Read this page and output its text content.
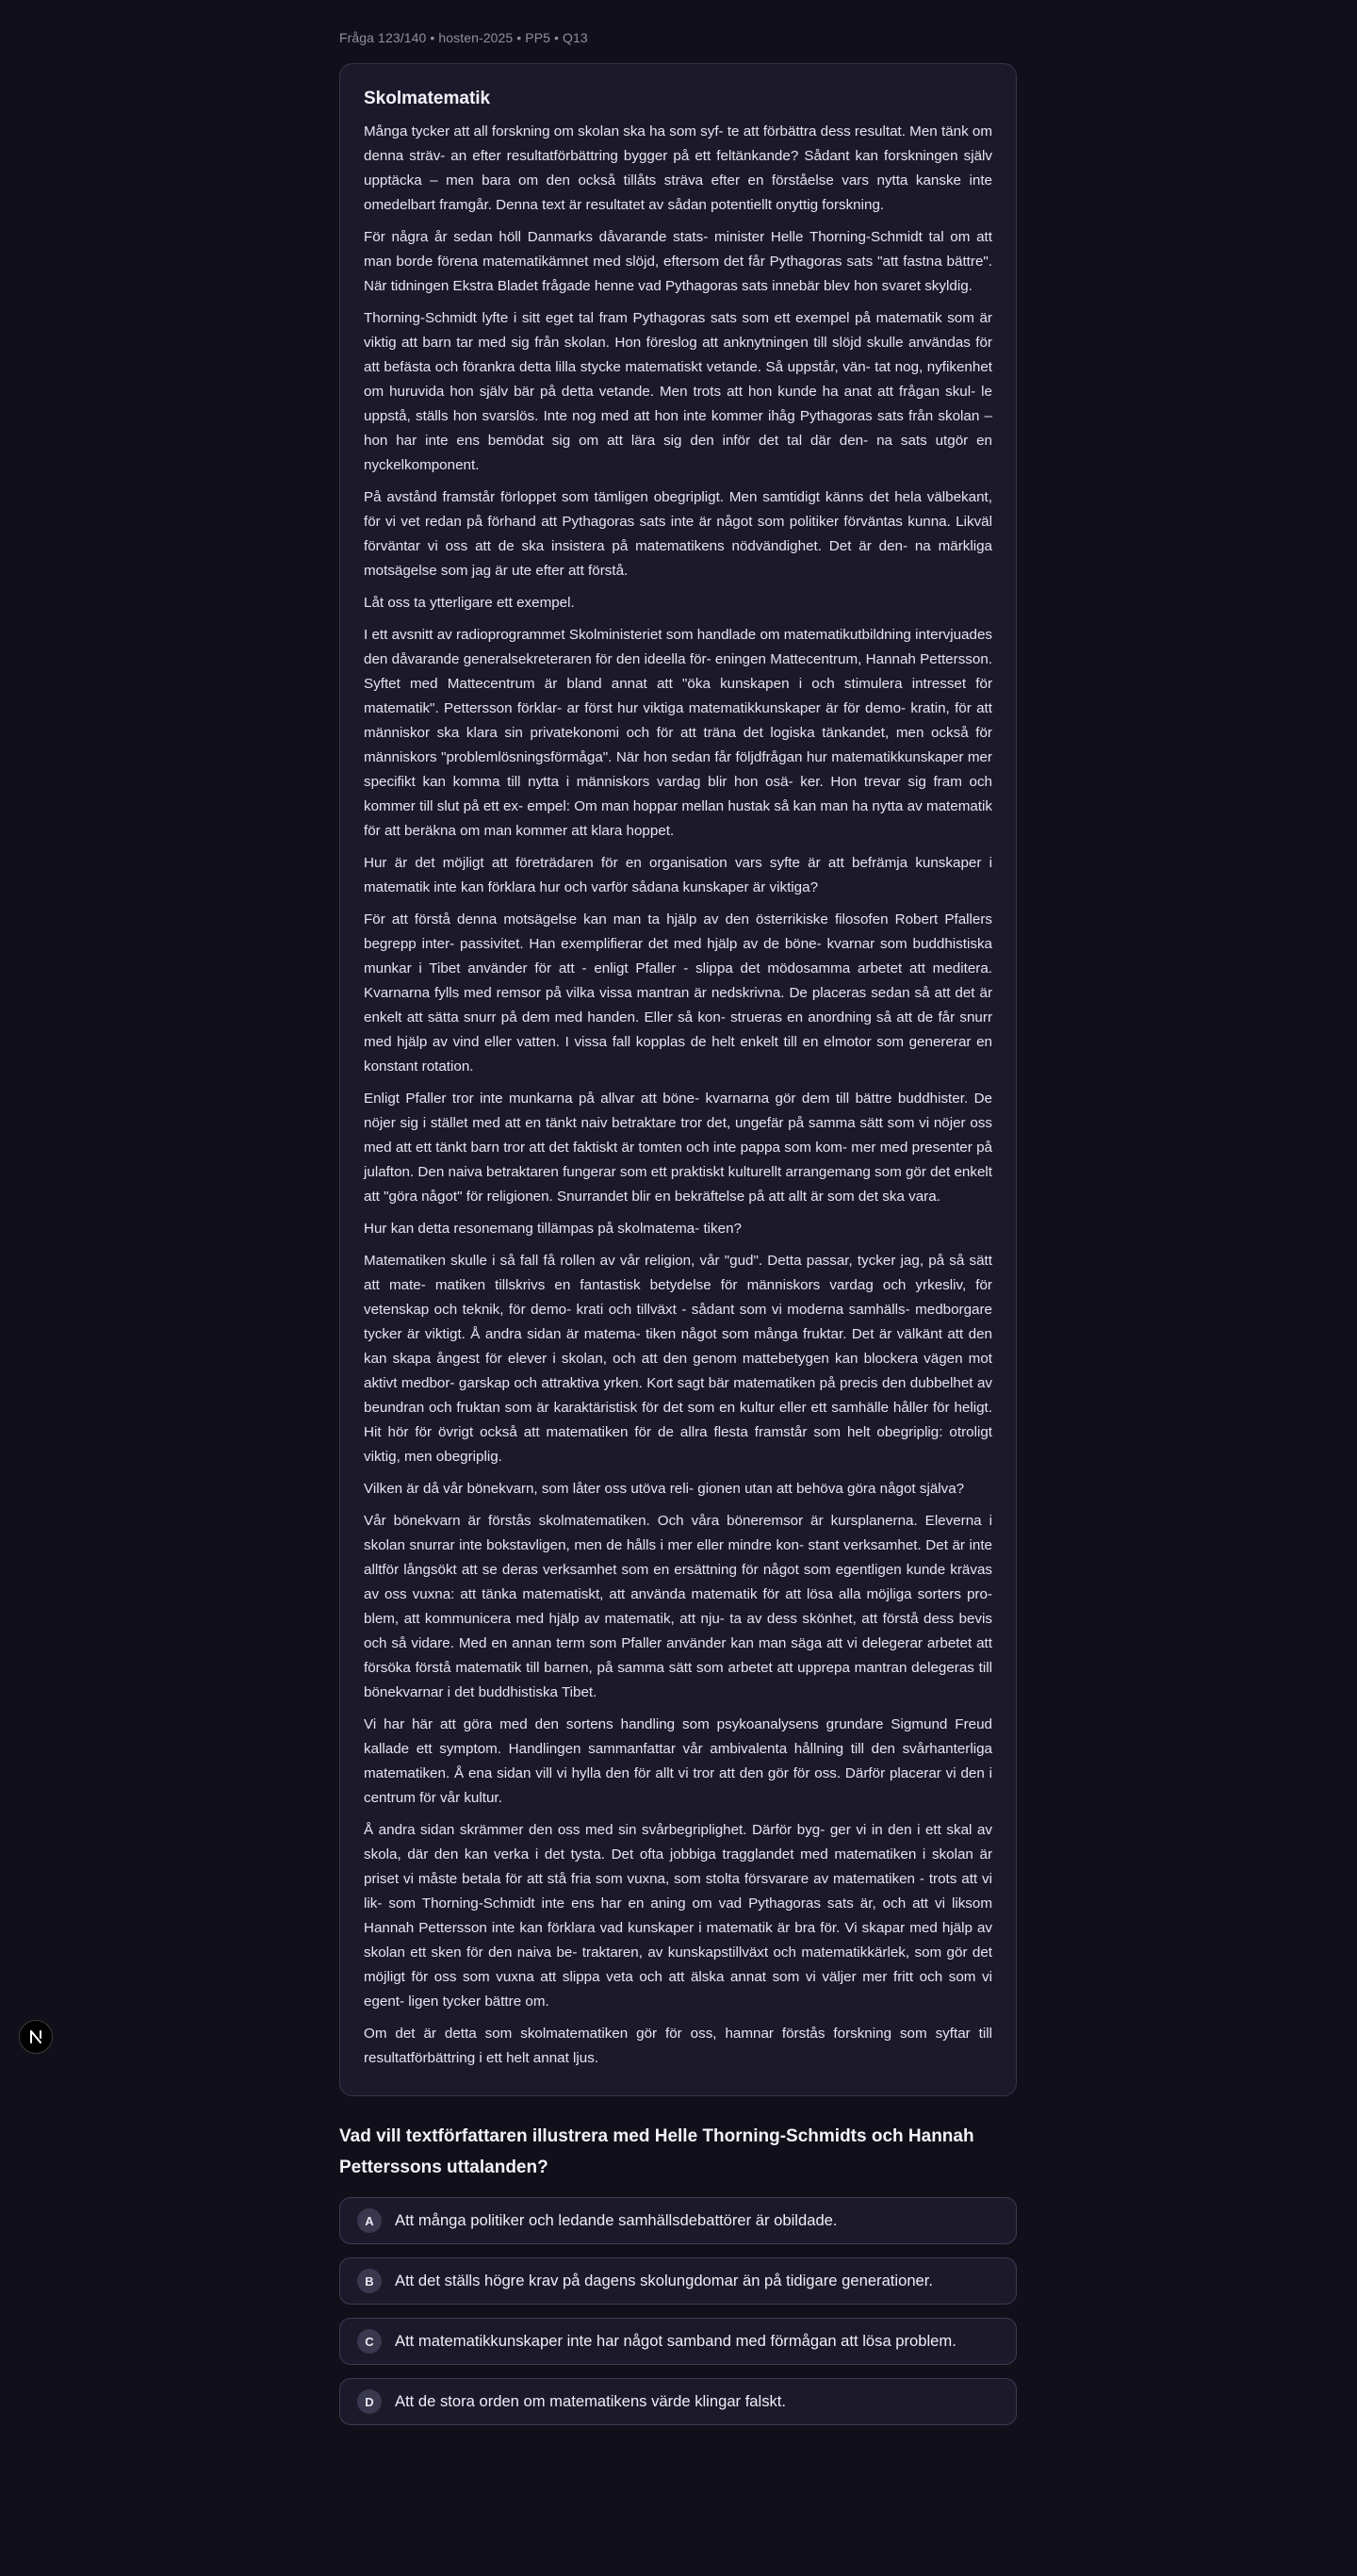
Fråga 123/140 • hosten-2025 • PP5 • Q13
Skolmatematik

Många tycker att all forskning om skolan ska ha som syf- te att förbättra dess resultat. Men tänk om denna sträv- an efter resultatförbättring bygger på ett feltänkande? Sådant kan forskningen själv upptäcka – men bara om den också tillåts sträva efter en förståelse vars nytta kanske inte omedelbart framgår. Denna text är resultatet av sådan potentiellt onyttig forskning.

För några år sedan höll Danmarks dåvarande stats- minister Helle Thorning-Schmidt tal om att man borde förena matematikämnet med slöjd, eftersom det får Pythagoras sats "att fastna bättre". När tidningen Ekstra Bladet frågade henne vad Pythagoras sats innebär blev hon svaret skyldig.

Thorning-Schmidt lyfte i sitt eget tal fram Pythagoras sats som ett exempel på matematik som är viktig att barn tar med sig från skolan. Hon föreslog att anknytningen till slöjd skulle användas för att befästa och förankra detta lilla stycke matematiskt vetande. Så uppstår, vän- tat nog, nyfikenhet om huruvida hon själv bär på detta vetande. Men trots att hon kunde ha anat att frågan skul- le uppstå, ställs hon svarslös. Inte nog med att hon inte kommer ihåg Pythagoras sats från skolan – hon har inte ens bemödat sig om att lära sig den inför det tal där den- na sats utgör en nyckelkomponent.

På avstånd framstår förloppet som tämligen obegripligt. Men samtidigt känns det hela välbekant, för vi vet redan på förhand att Pythagoras sats inte är något som politiker förväntas kunna. Likväl förväntar vi oss att de ska insistera på matematikens nödvändighet. Det är den- na märkliga motsägelse som jag är ute efter att förstå.

Låt oss ta ytterligare ett exempel.

I ett avsnitt av radioprogrammet Skolministeriet som handlade om matematikutbildning intervjuades den dåvarande generalsekreteraren för den ideella för- eningen Mattecentrum, Hannah Pettersson. Syftet med Mattecentrum är bland annat att "öka kunskapen i och stimulera intresset för matematik". Pettersson förklar- ar först hur viktiga matematikkunskaper är för demo- kratin, för att människor ska klara sin privatekonomi och för att träna det logiska tänkandet, men också för människors "problemlösningsförmåga". När hon sedan får följdfrågan hur matematikkunskaper mer specifikt kan komma till nytta i människors vardag blir hon osä- ker. Hon trevar sig fram och kommer till slut på ett ex- empel: Om man hoppar mellan hustak så kan man ha nytta av matematik för att beräkna om man kommer att klara hoppet.

Hur är det möjligt att företrädaren för en organisation vars syfte är att befrämja kunskaper i matematik inte kan förklara hur och varför sådana kunskaper är viktiga?

För att förstå denna motsägelse kan man ta hjälp av den österrikiske filosofen Robert Pfallers begrepp inter- passivitet. Han exemplifierar det med hjälp av de böne- kvarnar som buddhistiska munkar i Tibet använder för att - enligt Pfaller - slippa det mödosamma arbetet att meditera. Kvarnarna fylls med remsor på vilka vissa mantran är nedskrivna. De placeras sedan så att det är enkelt att sätta snurr på dem med handen. Eller så kon- strueras en anordning så att de får snurr med hjälp av vind eller vatten. I vissa fall kopplas de helt enkelt till en elmotor som genererar en konstant rotation.

Enligt Pfaller tror inte munkarna på allvar att böne- kvarnarna gör dem till bättre buddhister. De nöjer sig i stället med att en tänkt naiv betraktare tror det, ungefär på samma sätt som vi nöjer oss med att ett tänkt barn tror att det faktiskt är tomten och inte pappa som kom- mer med presenter på julafton. Den naiva betraktaren fungerar som ett praktiskt kulturellt arrangemang som gör det enkelt att "göra något" för religionen. Snurrandet blir en bekräftelse på att allt är som det ska vara.

Hur kan detta resonemang tillämpas på skolmatema- tiken?

Matematiken skulle i så fall få rollen av vår religion, vår "gud". Detta passar, tycker jag, på så sätt att mate- matiken tillskrivs en fantastisk betydelse för människors vardag och yrkesliv, för vetenskap och teknik, för demo- krati och tillväxt - sådant som vi moderna samhälls- medborgare tycker är viktigt. Å andra sidan är matema- tiken något som många fruktar. Det är välkänt att den kan skapa ångest för elever i skolan, och att den genom mattebetygen kan blockera vägen mot aktivt medbor- garskap och attraktiva yrken. Kort sagt bär matematiken på precis den dubbelhet av beundran och fruktan som är karaktäristisk för det som en kultur eller ett samhälle håller för heligt. Hit hör för övrigt också att matematiken för de allra flesta framstår som helt obegriplig: otroligt viktig, men obegriplig.

Vilken är då vår bönekvarn, som låter oss utöva reli- gionen utan att behöva göra något själva?

Vår bönekvarn är förstås skolmatematiken. Och våra böneremsor är kursplanerna. Eleverna i skolan snurrar inte bokstavligen, men de hålls i mer eller mindre kon- stant verksamhet. Det är inte alltför långsökt att se deras verksamhet som en ersättning för något som egentligen kunde krävas av oss vuxna: att tänka matematiskt, att använda matematik för att lösa alla möjliga sorters pro- blem, att kommunicera med hjälp av matematik, att nju- ta av dess skönhet, att förstå dess bevis och så vidare. Med en annan term som Pfaller använder kan man säga att vi delegerar arbetet att försöka förstå matematik till barnen, på samma sätt som arbetet att upprepa mantran delegeras till bönekvarnar i det buddhistiska Tibet.

Vi har här att göra med den sortens handling som psykoanalysens grundare Sigmund Freud kallade ett symptom. Handlingen sammanfattar vår ambivalenta hållning till den svårhanterliga matematiken. Å ena sidan vill vi hylla den för allt vi tror att den gör för oss. Därför placerar vi den i centrum för vår kultur.

Å andra sidan skrämmer den oss med sin svårbegriplighet. Därför byg- ger vi in den i ett skal av skola, där den kan verka i det tysta. Det ofta jobbiga tragglandet med matematiken i skolan är priset vi måste betala för att stå fria som vuxna, som stolta försvarare av matematiken - trots att vi lik- som Thorning-Schmidt inte ens har en aning om vad Pythagoras sats är, och att vi liksom Hannah Pettersson inte kan förklara vad kunskaper i matematik är bra för. Vi skapar med hjälp av skolan ett sken för den naiva be- traktaren, av kunskapstillväxt och matematikkärlek, som gör det möjligt för oss som vuxna att slippa veta och att älska annat som vi väljer mer fritt och som vi egent- ligen tycker bättre om.

Om det är detta som skolmatematiken gör för oss, hamnar förstås forskning som syftar till resultatförbättring i ett helt annat ljus.

Vad vill textförfattaren illustrera med Helle Thorning-Schmidts och Hannah Petterssons uttalanden?
A	Att många politiker och ledande samhällsdebattörer är obildade.
B	Att det ställs högre krav på dagens skolungdomar än på tidigare generationer.
C	Att matematikkunskaper inte har något samband med förmågan att lösa problem.
D	Att de stora orden om matematikens värde klingar falskt.
